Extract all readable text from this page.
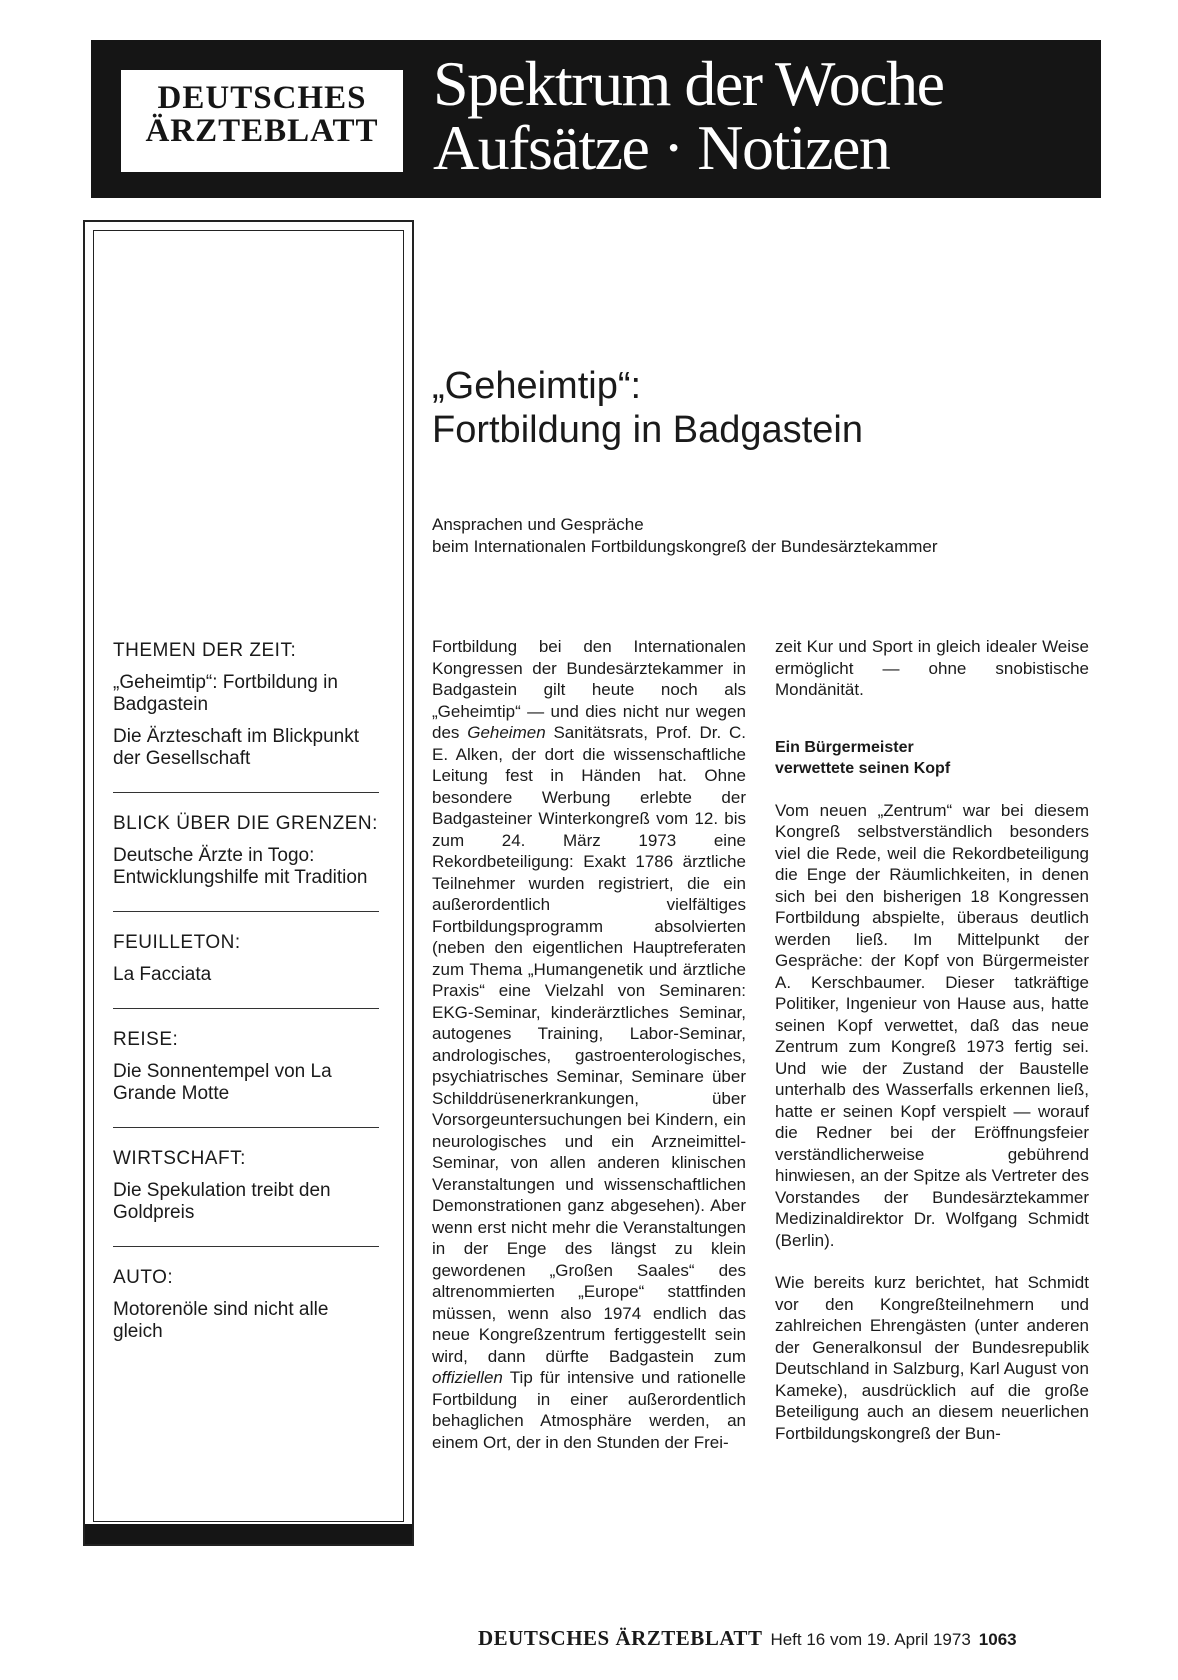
DEUTSCHES
ÄRZTEBLATT
Spektrum der Woche
Aufsätze · Notizen
THEMEN DER ZEIT:
„Geheimtip“: Fortbildung in Badgastein
Die Ärzteschaft im Blickpunkt der Gesellschaft
BLICK ÜBER DIE GRENZEN:
Deutsche Ärzte in Togo: Entwicklungshilfe mit Tradition
FEUILLETON:
La Facciata
REISE:
Die Sonnentempel von La Grande Motte
WIRTSCHAFT:
Die Spekulation treibt den Goldpreis
AUTO:
Motorenöle sind nicht alle gleich
„Geheimtip“:
Fortbildung in Badgastein
Ansprachen und Gespräche
beim Internationalen Fortbildungskongreß der Bundesärztekammer

Fortbildung bei den Internationalen Kongressen der Bundesärztekammer in Badgastein gilt heute noch als „Geheimtip“ — und dies nicht nur wegen des Geheimen Sanitätsrats, Prof. Dr. C. E. Alken, der dort die wissenschaftliche Leitung fest in Händen hat. Ohne besondere Werbung erlebte der Badgasteiner Winterkongreß vom 12. bis zum 24. März 1973 eine Rekordbeteiligung: Exakt 1786 ärztliche Teilnehmer wurden registriert, die ein außerordentlich vielfältiges Fortbildungsprogramm absolvierten (neben den eigentlichen Hauptreferaten zum Thema „Humangenetik und ärztliche Praxis“ eine Vielzahl von Seminaren: EKG-Seminar, kinderärztliches Seminar, autogenes Training, Labor-Seminar, andrologisches, gastroenterologisches, psychiatrisches Seminar, Seminare über Schilddrüsenerkrankungen, über Vorsorgeuntersuchungen bei Kindern, ein neurologisches und ein Arzneimittel-Seminar, von allen anderen klinischen Veranstaltungen und wissenschaftlichen Demonstrationen ganz abgesehen). Aber wenn erst nicht mehr die Veranstaltungen in der Enge des längst zu klein gewordenen „Großen Saales“ des altrenommierten „Europe“ stattfinden müssen, wenn also 1974 endlich das neue Kongreßzentrum fertiggestellt sein wird, dann dürfte Badgastein zum offiziellen Tip für intensive und rationelle Fortbildung in einer außerordentlich behaglichen Atmosphäre werden, an einem Ort, der in den Stunden der Frei-

zeit Kur und Sport in gleich idealer Weise ermöglicht — ohne snobistische Mondänität.

Ein Bürgermeister
verwettete seinen Kopf

Vom neuen „Zentrum“ war bei diesem Kongreß selbstverständlich besonders viel die Rede, weil die Rekordbeteiligung die Enge der Räumlichkeiten, in denen sich bei den bisherigen 18 Kongressen Fortbildung abspielte, überaus deutlich werden ließ. Im Mittelpunkt der Gespräche: der Kopf von Bürgermeister A. Kerschbaumer. Dieser tatkräftige Politiker, Ingenieur von Hause aus, hatte seinen Kopf verwettet, daß das neue Zentrum zum Kongreß 1973 fertig sei. Und wie der Zustand der Baustelle unterhalb des Wasserfalls erkennen ließ, hatte er seinen Kopf verspielt — worauf die Redner bei der Eröffnungsfeier verständlicherweise gebührend hinwiesen, an der Spitze als Vertreter des Vorstandes der Bundesärztekammer Medizinaldirektor Dr. Wolfgang Schmidt (Berlin).

Wie bereits kurz berichtet, hat Schmidt vor den Kongreßteilnehmern und zahlreichen Ehrengästen (unter anderen der Generalkonsul der Bundesrepublik Deutschland in Salzburg, Karl August von Kameke), ausdrücklich auf die große Beteiligung auch an diesem neuerlichen Fortbildungskongreß der Bun-

DEUTSCHES ÄRZTEBLATT Heft 16 vom 19. April 1973 1063
